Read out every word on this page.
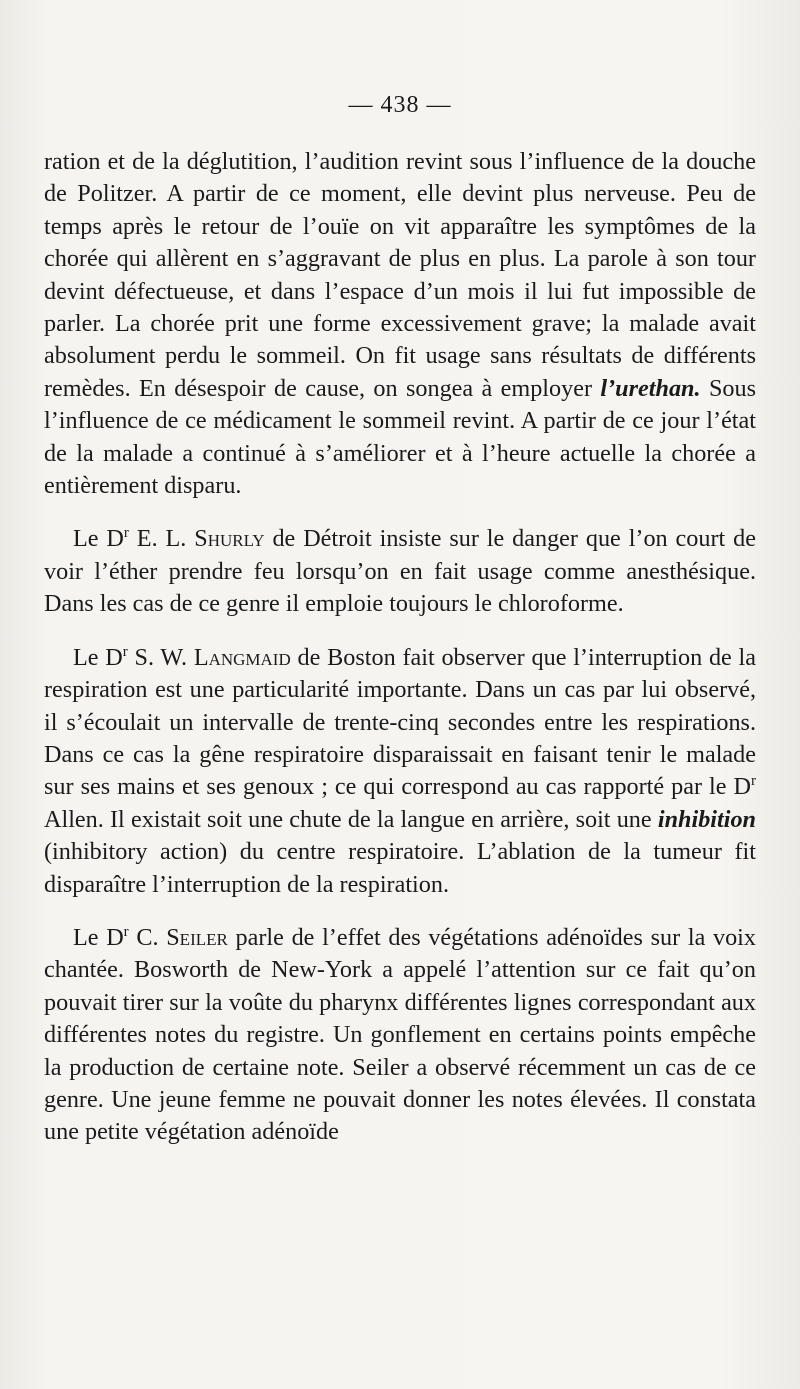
— 438 —

ration et de la déglutition, l’audition revint sous l’influence de la douche de Politzer. A partir de ce moment, elle devint plus nerveuse. Peu de temps après le retour de l’ouïe on vit apparaître les symptômes de la chorée qui allèrent en s’aggravant de plus en plus. La parole à son tour devint défectueuse, et dans l’espace d’un mois il lui fut impossible de parler. La chorée prit une forme excessivement grave; la malade avait absolument perdu le sommeil. On fit usage sans résultats de différents remèdes. En désespoir de cause, on songea à employer l’urethan. Sous l’influence de ce médicament le sommeil revint. A partir de ce jour l’état de la malade a continué à s’améliorer et à l’heure actuelle la chorée a entièrement disparu.

Le $D^r$ E. L. Shurly de Détroit insiste sur le danger que l’on court de voir l’éther prendre feu lorsqu’on en fait usage comme anesthésique. Dans les cas de ce genre il emploie toujours le chloroforme.

Le $D^r$ S. W. Langmaid de Boston fait observer que l’interruption de la respiration est une particularité importante. Dans un cas par lui observé, il s’écoulait un intervalle de trente-cinq secondes entre les respirations. Dans ce cas la gêne respiratoire disparaissait en faisant tenir le malade sur ses mains et ses genoux ; ce qui correspond au cas rapporté par le $D^r$ Allen. Il existait soit une chute de la langue en arrière, soit une inhibition (inhibitory action) du centre respiratoire. L’ablation de la tumeur fit disparaître l’interruption de la respiration.

Le $D^r$ C. Seiler parle de l’effet des végétations adénoïdes sur la voix chantée. Bosworth de New-York a appelé l’attention sur ce fait qu’on pouvait tirer sur la voûte du pharynx différentes lignes correspondant aux différentes notes du registre. Un gonflement en certains points empêche la production de certaine note. Seiler a observé récemment un cas de ce genre. Une jeune femme ne pouvait donner les notes élevées. Il constata une petite végétation adénoïde
